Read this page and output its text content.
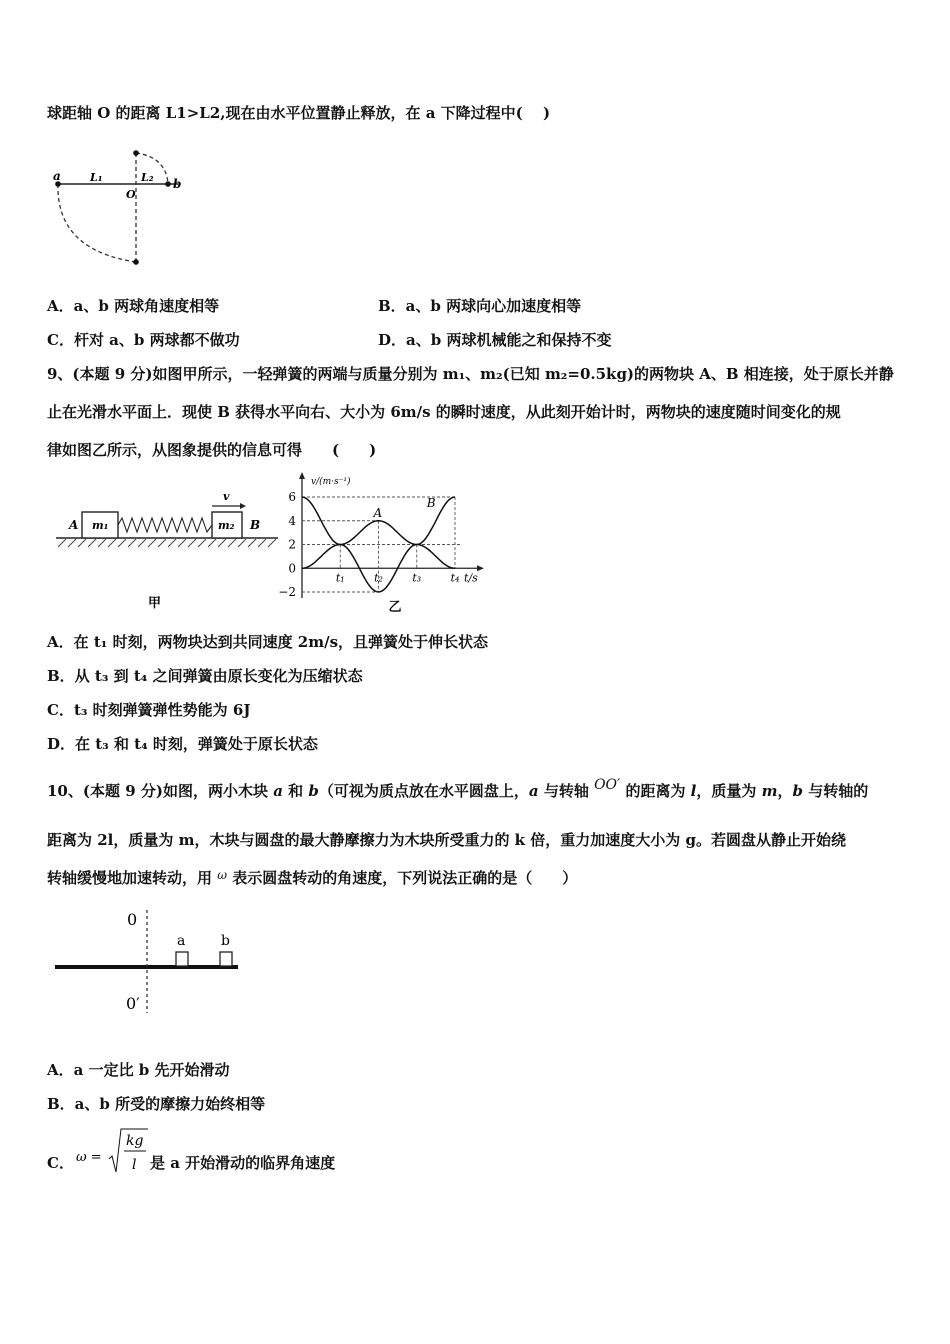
球距轴 O 的距离 L1>L2,现在由水平位置静止释放，在 a 下降过程中(　 )
a	L₁	L₂
O
b
A．a、b 两球角速度相等	B．a、b 两球向心加速度相等
C．杆对 a、b 两球都不做功	D．a、b 两球机械能之和保持不变
9、(本题 9 分)如图甲所示，一轻弹簧的两端与质量分别为 m₁、m₂(已知 m₂=0.5kg)的两物块 A、B 相连接，处于原长并静
止在光滑水平面上．现使 B 获得水平向右、大小为 6m/s 的瞬时速度，从此刻开始计时，两物块的速度随时间变化的规
律如图乙所示，从图象提供的信息可得　　(　　)
A m₁	m₂ B
v
甲
6
4
2
0
−2
t₁	t₂	t₃	t₄
v/(m·s⁻¹)
t/s
A
B
乙
A．在 t₁ 时刻，两物块达到共同速度 2m/s，且弹簧处于伸长状态
B．从 t₃ 到 t₄ 之间弹簧由原长变化为压缩状态
C．t₃ 时刻弹簧弹性势能为 6J
D．在 t₃ 和 t₄ 时刻，弹簧处于原长状态
10、(本题 9 分)如图，两小木块 a 和 b（可视为质点放在水平圆盘上，a 与转轴 OO′ 的距离为 l，质量为 m，b 与转轴的
距离为 2l，质量为 m，木块与圆盘的最大静摩擦力为木块所受重力的 k 倍，重力加速度大小为 g。若圆盘从静止开始绕
转轴缓慢地加速转动，用 $^\omega$ 表示圆盘转动的角速度，下列说法正确的是（　　）
0
0′
a	b
A．a 一定比 b 先开始滑动
B．a、b 所受的摩擦力始终相等
C． ω =
kg
l 是 a 开始滑动的临界角速度
